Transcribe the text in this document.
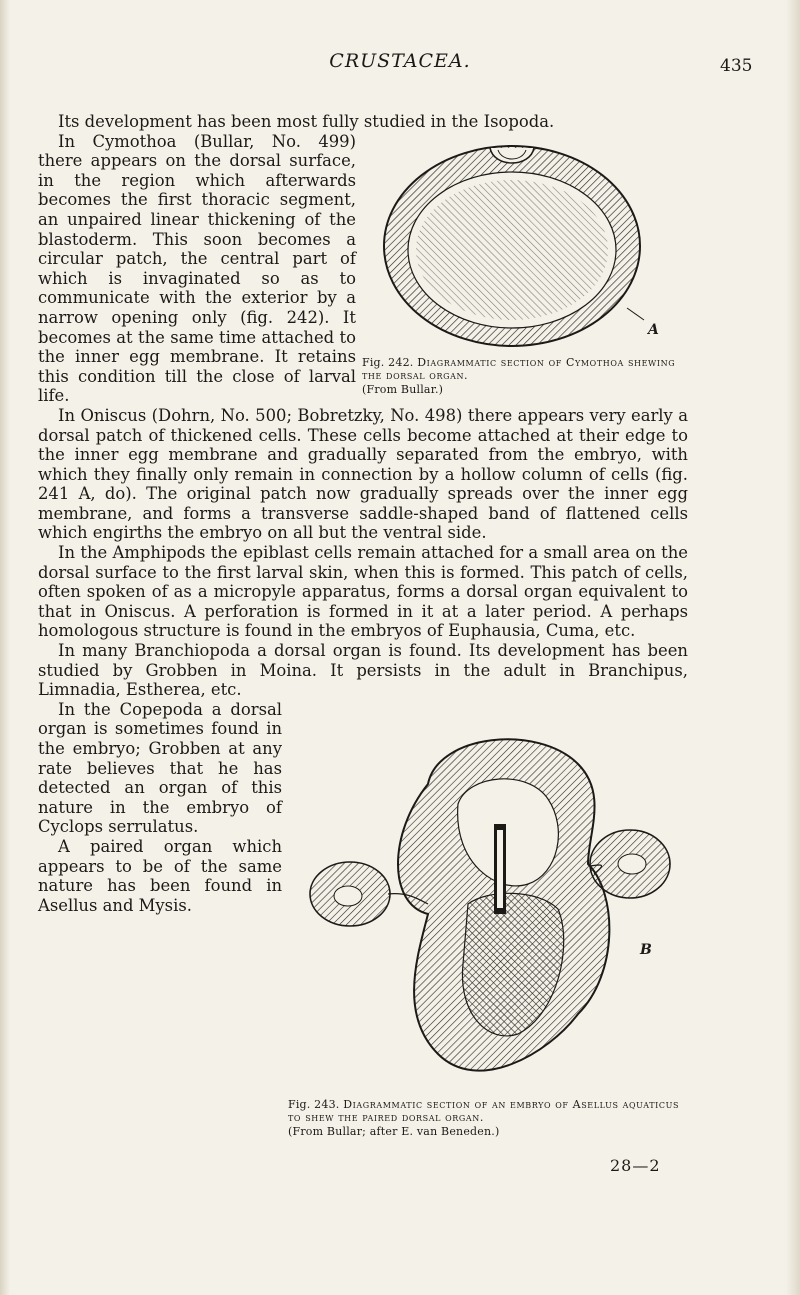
CRUSTACEA.	435

Its development has been most fully studied in the Isopoda.

A
Fig. 242. Diagrammatic section of Cymothoa shewing the dorsal organ.
(From Bullar.)

In Cymothoa (Bullar, No. 499) there appears on the dorsal surface, in the region which afterwards becomes the first thoracic segment, an unpaired linear thickening of the blastoderm. This soon becomes a circular patch, the central part of which is invaginated so as to communicate with the exterior by a narrow opening only (fig. 242). It becomes at the same time attached to the inner egg membrane. It retains this condition till the close of larval life.

In Oniscus (Dohrn, No. 500; Bobretzky, No. 498) there appears very early a dorsal patch of thickened cells. These cells become attached at their edge to the inner egg membrane and gradually separated from the embryo, with which they finally only remain in connection by a hollow column of cells (fig. 241 A, do). The original patch now gradually spreads over the inner egg membrane, and forms a transverse saddle-shaped band of flattened cells which engirths the embryo on all but the ventral side.

In the Amphipods the epiblast cells remain attached for a small area on the dorsal surface to the first larval skin, when this is formed. This patch of cells, often spoken of as a micropyle apparatus, forms a dorsal organ equivalent to that in Oniscus. A perforation is formed in it at a later period. A perhaps homologous structure is found in the embryos of Euphausia, Cuma, etc.

In many Branchiopoda a dorsal organ is found. Its development has been studied by Grobben in Moina. It persists in the adult in Branchipus, Limnadia, Estherea, etc.

B
Fig. 243. Diagrammatic section of an embryo of Asellus aquaticus to shew the paired dorsal organ.
(From Bullar; after E. van Beneden.)

In the Copepoda a dorsal organ is sometimes found in the embryo; Grobben at any rate believes that he has detected an organ of this nature in the embryo of Cyclops serrulatus.

A paired organ which appears to be of the same nature has been found in Asellus and Mysis.

28—2
